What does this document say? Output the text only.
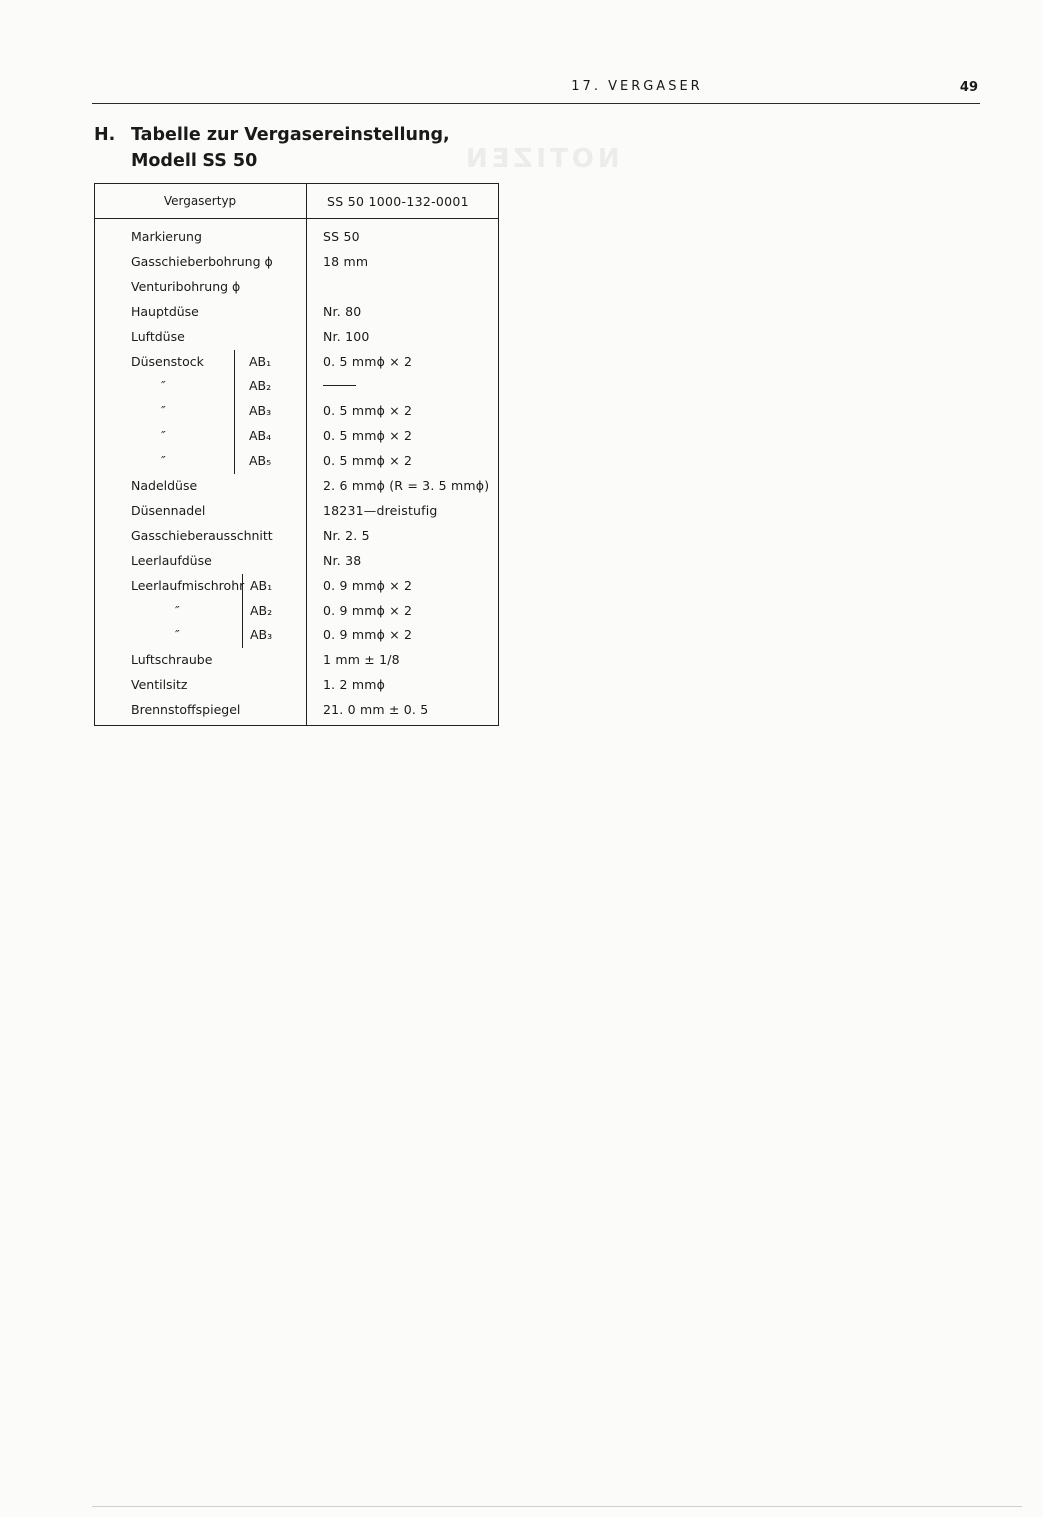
17. VERGASER	49
NOTIZEN
H. Tabelle zur Vergasereinstellung,
Modell SS 50
Vergasertyp	SS 50 1000-132-0001
Markierung	SS 50
Gasschieberbohrung ϕ	18 mm
Venturibohrung ϕ
Hauptdüse	Nr. 80
Luftdüse	Nr. 100
Düsenstock	AB₁	0. 5 mmϕ × 2
″	AB₂
″	AB₃	0. 5 mmϕ × 2
″	AB₄	0. 5 mmϕ × 2
″	AB₅	0. 5 mmϕ × 2
Nadeldüse	2. 6 mmϕ (R = 3. 5 mmϕ)
Düsennadel	18231—dreistufig
Gasschieberausschnitt	Nr. 2. 5
Leerlaufdüse	Nr. 38
Leerlaufmischrohr AB₁	0. 9 mmϕ × 2
″	AB₂	0. 9 mmϕ × 2
″	AB₃	0. 9 mmϕ × 2
Luftschraube	1 mm ± 1/8
Ventilsitz	1. 2 mmϕ
Brennstoffspiegel	21. 0 mm ± 0. 5
